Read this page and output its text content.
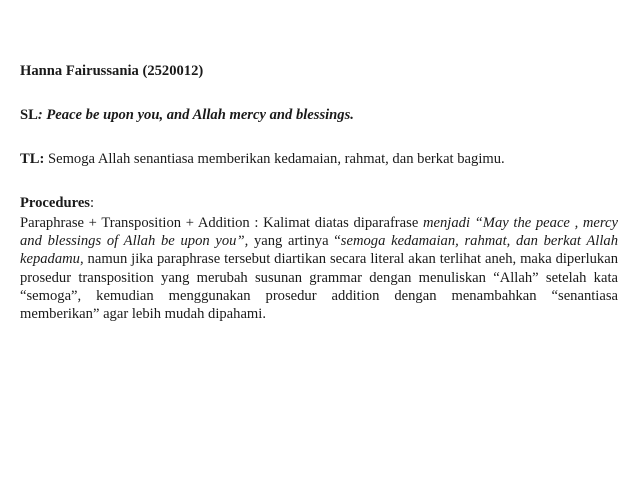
Hanna Fairussania (2520012)
SL: Peace be upon you, and Allah mercy and blessings.
TL: Semoga Allah senantiasa memberikan kedamaian, rahmat, dan berkat bagimu.
Procedures:
Paraphrase + Transposition + Addition : Kalimat diatas diparafrase menjadi “May the peace , mercy and blessings of Allah be upon you”, yang artinya “semoga kedamaian, rahmat, dan berkat Allah kepadamu, namun jika paraphrase tersebut diartikan secara literal akan terlihat aneh, maka diperlukan prosedur transposition yang merubah susunan grammar dengan menuliskan “Allah” setelah kata “semoga”, kemudian menggunakan prosedur addition dengan menambahkan “senantiasa memberikan” agar lebih mudah dipahami.
